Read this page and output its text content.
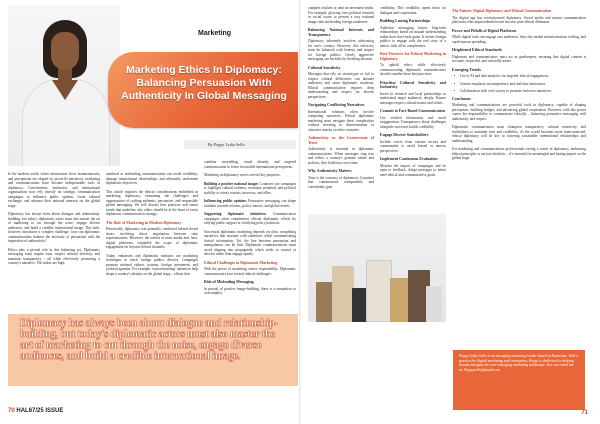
Marketing
Marketing Ethics In Diplomacy: Balancing Persuasion With Authenticity In Global Messaging
By Peppy Lydia Sello

In the modern world, where information flows instantaneously and perceptions are shaped by powerful narratives, marketing and communications have become indispensable tools in diplomacy. Governments, embassies, and international organisations now rely heavily on strategic communication campaigns to influence public opinion, foster cultural exchange, and advance their national interests on the global stage.

Diplomacy has always been about dialogue and relationship-building, but today's diplomatic actors must also master the art of marketing to cut through the noise, engage diverse audiences, and build a credible international image. This shift, however, introduces a complex challenge: how can diplomatic communications balance the necessity of persuasion with the imperative of authenticity?

Ethics play a pivotal role in this balancing act. Diplomatic messaging must inspire trust, respect cultural diversity, and maintain transparency - all while effectively promoting a country's narrative. The stakes are high;

unethical or misleading communications can erode credibility, damage international relationships, and ultimately undermine diplomatic objectives.

This article explores the ethical considerations embedded in marketing diplomacy, examining the challenges and opportunities of crafting authentic, persuasive, and responsible global messaging. We will discuss best practices and future trends that underline why ethics should be at the heart of every diplomatic communication strategy.

The Role of Marketing in Modern Diplomacy

Historically, diplomacy was primarily conducted behind closed doors, involving direct negotiation between state representatives. However, the advent of mass media and, later, digital platforms, expanded the scope of diplomatic engagement far beyond official channels.

Today, embassies and diplomatic missions use marketing techniques to reach foreign publics directly. Campaigns promote national culture, tourism, foreign investment, and political agendas. For example, 'nation branding' initiatives help shape a country's identity on the global stage – efforts that

combine storytelling, visual identity, and targeted communication to foster favourable international perceptions.

Marketing in diplomacy serves several key purposes:

Building a positive national image: Countries use campaigns to highlight cultural richness, economic potential, and political stability to attract tourists, investors, and allies.

Influencing public opinion: Persuasive messaging can shape attitudes towards reforms, policy stances, and global events.

Supporting diplomatic initiatives: Communication campaigns often complement official diplomatic efforts by rallying public support or clarifying policy positions.

Successful diplomatic marketing depends on clear, compelling narratives that resonate with audiences while communicating factual information. Yet, the line between persuasion and manipulation can be thin. Diplomatic communications must avoid slipping into propaganda, which seeks to control or deceive rather than engage openly.

Ethical Challenges in Diplomatic Marketing

With the power of marketing comes responsibility. Diplomatic communicators face several ethical challenges:

Risk of Misleading Messaging

In pursuit of positive image-building, there is a temptation to oversimplify

Diplomacy has always been about dialogue and relationship-building, but today's diplomatic actors must also master the art of marketing to cut through the noise, engage diverse audiences, and build a credible international image.

70 HAL67/25 ISSUE

complex realities or omit inconvenient truths. For example, glossing over political tensions or social issues to present a rosy national image risks misleading foreign audiences.

Balancing National Interests and Transparency

Diplomacy inherently involves advocating for one's country. However, this advocacy must be balanced with honesty and respect for foreign publics. Overly aggressive messaging can backfire by breeding mistrust.

Cultural Sensitivity

Messages that rely on stereotypes or fail to respect cultural differences can alienate audiences and cause diplomatic incidents. Ethical communication requires deep understanding and respect for diverse perspectives.

Navigating Conflicting Narratives

International relations often involve competing narratives. Ethical diplomatic marketing must navigate these complexities without resorting to disinformation or character attacks on other countries.

Authenticity as the Cornerstone of Trust

Authenticity is essential in diplomatic communications. When messages ring true and reflect a country's genuine values and policies, they build trust over time.

Why Authenticity Matters

Trust is the currency of diplomacy. Countries that communicate transparently and consistently gain

credibility. This credibility opens doors for dialogue and cooperation.

Building Lasting Partnerships

Authentic messaging fosters long-term relationships based on mutual understanding rather than short-term gains. It invites foreign publics to engage with the real story of a nation, with all its complexities.

Best Practices for Ethical Marketing in Diplomacy

To uphold ethics while effectively communicating, diplomatic communicators should consider these best practices:

Prioritise Cultural Sensitivity and Inclusivity

Invest in research and local partnerships to understand target audiences deeply. Ensure messages respect cultural norms and values.

Commit to Fact-Based Communication

Use verified information and avoid exaggeration. Transparency about challenges alongside successes builds credibility.

Engage Diverse Stakeholders

Include voices from various sectors and communities to avoid biased or narrow perspectives.

Implement Continuous Evaluation

Monitor the impact of campaigns and be open to feedback. Adapt messages to better meet ethical and communicative goals.

The Future: Digital Diplomacy and Ethical Communication

The digital age has revolutionised diplomacy. Social media and instant communication platforms offer unprecedented reach but also pose ethical dilemmas.

Power and Pitfalls of Digital Platforms

While digital tools can engage vast audiences, they also enable misinformation, trolling, and rapid rumour spreading.

Heightened Ethical Standards

Diplomats and communicators must act as gatekeepers, ensuring that digital content is accurate, respectful, and culturally aware.

Emerging Trends
• Use of AI and data analytics for targeted, ethical engagement.
• Greater emphasis on transparency and real-time interaction.
• Collaboration with civil society to promote inclusive narratives.
Conclusion

Marketing and communications are powerful tools in diplomacy, capable of shaping perceptions, building bridges, and advancing global cooperation. However, with this power comes the responsibility to communicate ethically – balancing persuasive messaging with authenticity and respect.

Diplomatic communicators must champion transparency, cultural sensitivity, and truthfulness to maintain trust and credibility. As the world becomes more interconnected, ethical diplomacy will be key to fostering sustainable international relationships and understanding.

For marketing and communications professionals eyeing a career in diplomacy, embracing ethical principles is not just idealistic – it's essential for meaningful and lasting impact on the global stage.

Peppy Lydia Sello is an emerging marketing leader based in Botswana. With a passion for digital marketing and innovation, Peppy is dedicated to helping brands navigate the ever-changing marketing landscape. You can reach her at: Peppysello@gmail.com

71
